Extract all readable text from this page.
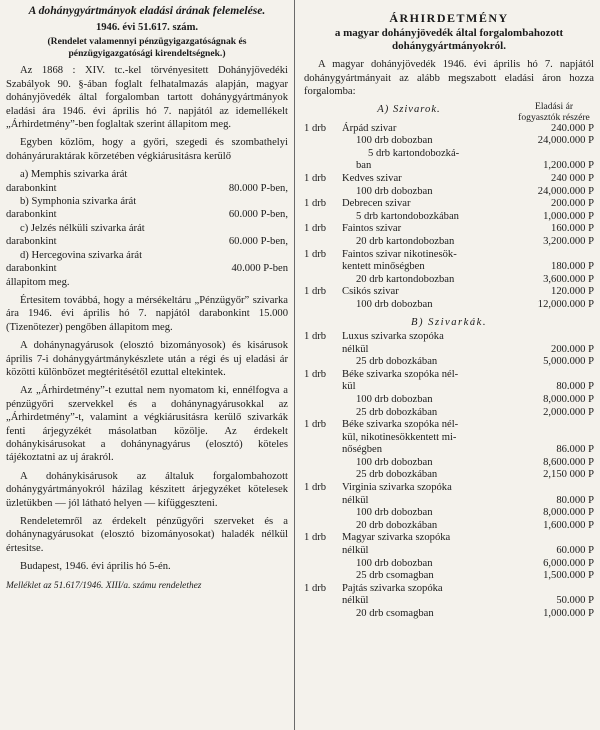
A dohánygyártmányok eladási árának felemelése.
1946. évi 51.617. szám.
(Rendelet valamennyi pénzügyigazgatóságnak és pénzügyigazgatósági kirendeltségnek.)

Az 1868 : XIV. tc.-kel törvényesitett Dohányjövedéki Szabályok 90. §-ában foglalt felhatalmazás alapján, magyar dohányjövedék által forgalomban tartott dohánygyártmányok eladási ára 1946. évi április hó 7. napjától az idemellékelt „Árhirdetmény”-ben foglaltak szerint állapitom meg.

Egyben közlöm, hogy a győri, szegedi és szombathelyi dohányáruraktárak körzetében végkiárusitásra kerülő

a) Memphis szivarka árát
darabonkint	80.000 P-ben,
b) Symphonia szivarka árát
darabonkint	60.000 P-ben,
c) Jelzés nélküli szivarka árát
darabonkint	60.000 P-ben,
d) Hercegovina szivarka árát
darabonkint	40.000 P-ben
állapitom meg.

Értesitem továbbá, hogy a mérsékeltáru „Pénzügyőr” szivarka ára 1946. évi április hó 7. napjától darabonkint 15.000 (Tizenötezer) pengőben állapitom meg.

A dohánynagyárusok (elosztó bizományosok) és kisárusok április 7-i dohánygyártmánykészlete után a régi és uj eladási ár közötti különbözet megtéritésétől ezuttal eltekintek.

Az „Árhirdetmény”-t ezuttal nem nyomatom ki, ennélfogva a pénzügyőri szervekkel és a dohánynagyárusokkal az „Árhirdetmény”-t, valamint a végkiárusitásra kerülő szivarkák fenti árjegyzékét másolatban közölje. Az érdekelt dohánykisárusokat a dohánynagyárus (elosztó) köteles tájékoztatni az uj árakról.

A dohánykisárusok az általuk forgalombahozott dohánygyártmányokról házilag készitett árjegyzéket kötelesek üzletükben — jól látható helyen — kifüggeszteni.

Rendeletemről az érdekelt pénzügyőri szerveket és a dohánynagyárusokat (elosztó bizományosokat) haladék nélkül értesitse.

Budapest, 1946. évi április hó 5-én.

Melléklet az 51.617/1946. XIII/a. számu rendelethez
ÁRHIRDETMÉNY
a magyar dohányjövedék által forgalombahozott dohánygyártmányokról.

A magyar dohányjövedék 1946. évi április hó 7. napjától dohánygyártmányait az alább megszabott eladási áron hozza forgalomba:

A) Szivarok.	Eladási ár fogyasztók részére
1 drb	Árpád szivar	240.000 P
100 drb dobozban	24,000.000 P
5 drb kartondobozká-
ban	1,200.000 P
1 drb	Kedves szivar	240 000 P
100 drb dobozban	24,000.000 P
1 drb	Debrecen szivar	200.000 P
5 drb kartondobozkában	1,000.000 P
1 drb	Faintos szivar	160.000 P
20 drb kartondobozban	3,200.000 P
1 drb	Faintos szivar nikotinesök-
kentett minőségben	180.000 P
20 drb kartondobozban	3,600.000 P
1 drb	Csikós szivar	120.000 P
100 drb dobozban	12,000.000 P
B) Szivarkák.
1 drb	Luxus szivarka szopóka
nélkül	200.000 P
25 drb dobozkában	5,000.000 P
1 drb	Béke szivarka szopóka nél-
kül	80.000 P
100 drb dobozban	8,000.000 P
25 drb dobozkában	2,000.000 P
1 drb	Béke szivarka szopóka nél-
kül, nikotinesökkentett mi-
nőségben	86.000 P
100 drb dobozban	8,600.000 P
25 drb dobozkában	2,150 000 P
1 drb	Virginia szivarka szopóka
nélkül	80.000 P
100 drb dobozban	8,000.000 P
20 drb dobozkában	1,600.000 P
1 drb	Magyar szivarka szopóka
nélkül	60.000 P
100 drb dobozban	6,000.000 P
25 drb csomagban	1,500.000 P
1 drb	Pajtás szivarka szopóka
nélkül	50.000 P
20 drb csomagban	1,000.000 P
